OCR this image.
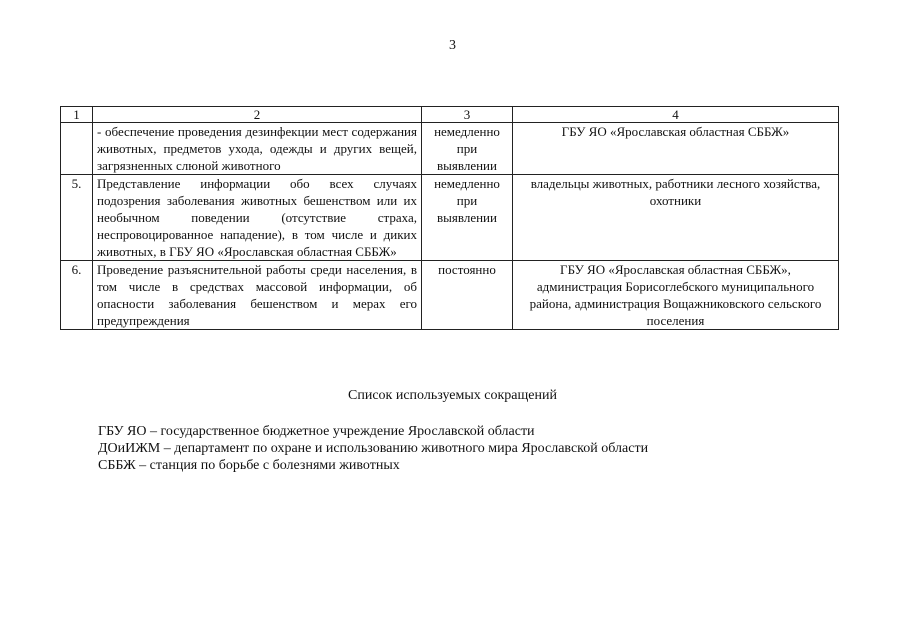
3
1	2	3	4
	- обеспечение проведения дезинфекции мест содержания животных, предметов ухода, одежды и других вещей, загрязненных слюной животного	немедленно при выявлении	ГБУ ЯО «Ярославская областная СББЖ»
5.	Представление информации обо всех случаях подозрения заболевания животных бешенством или их необычном поведении (отсутствие страха, неспровоцированное нападение), в том числе и диких животных, в ГБУ ЯО «Ярославская областная СББЖ»	немедленно при выявлении	владельцы животных, работники лесного хозяйства, охотники
6.	Проведение разъяснительной работы среди населения, в том числе в средствах массовой информации, об опасности заболевания бешенством и мерах его предупреждения	постоянно	ГБУ ЯО «Ярославская областная СББЖ», администрация Борисоглебского муниципального района, администрация Вощажниковского сельского поселения
Список используемых сокращений
ГБУ ЯО – государственное бюджетное учреждение Ярославской области
ДОиИЖМ – департамент по охране и использованию животного мира Ярославской области
СББЖ – станция по борьбе с болезнями животных
